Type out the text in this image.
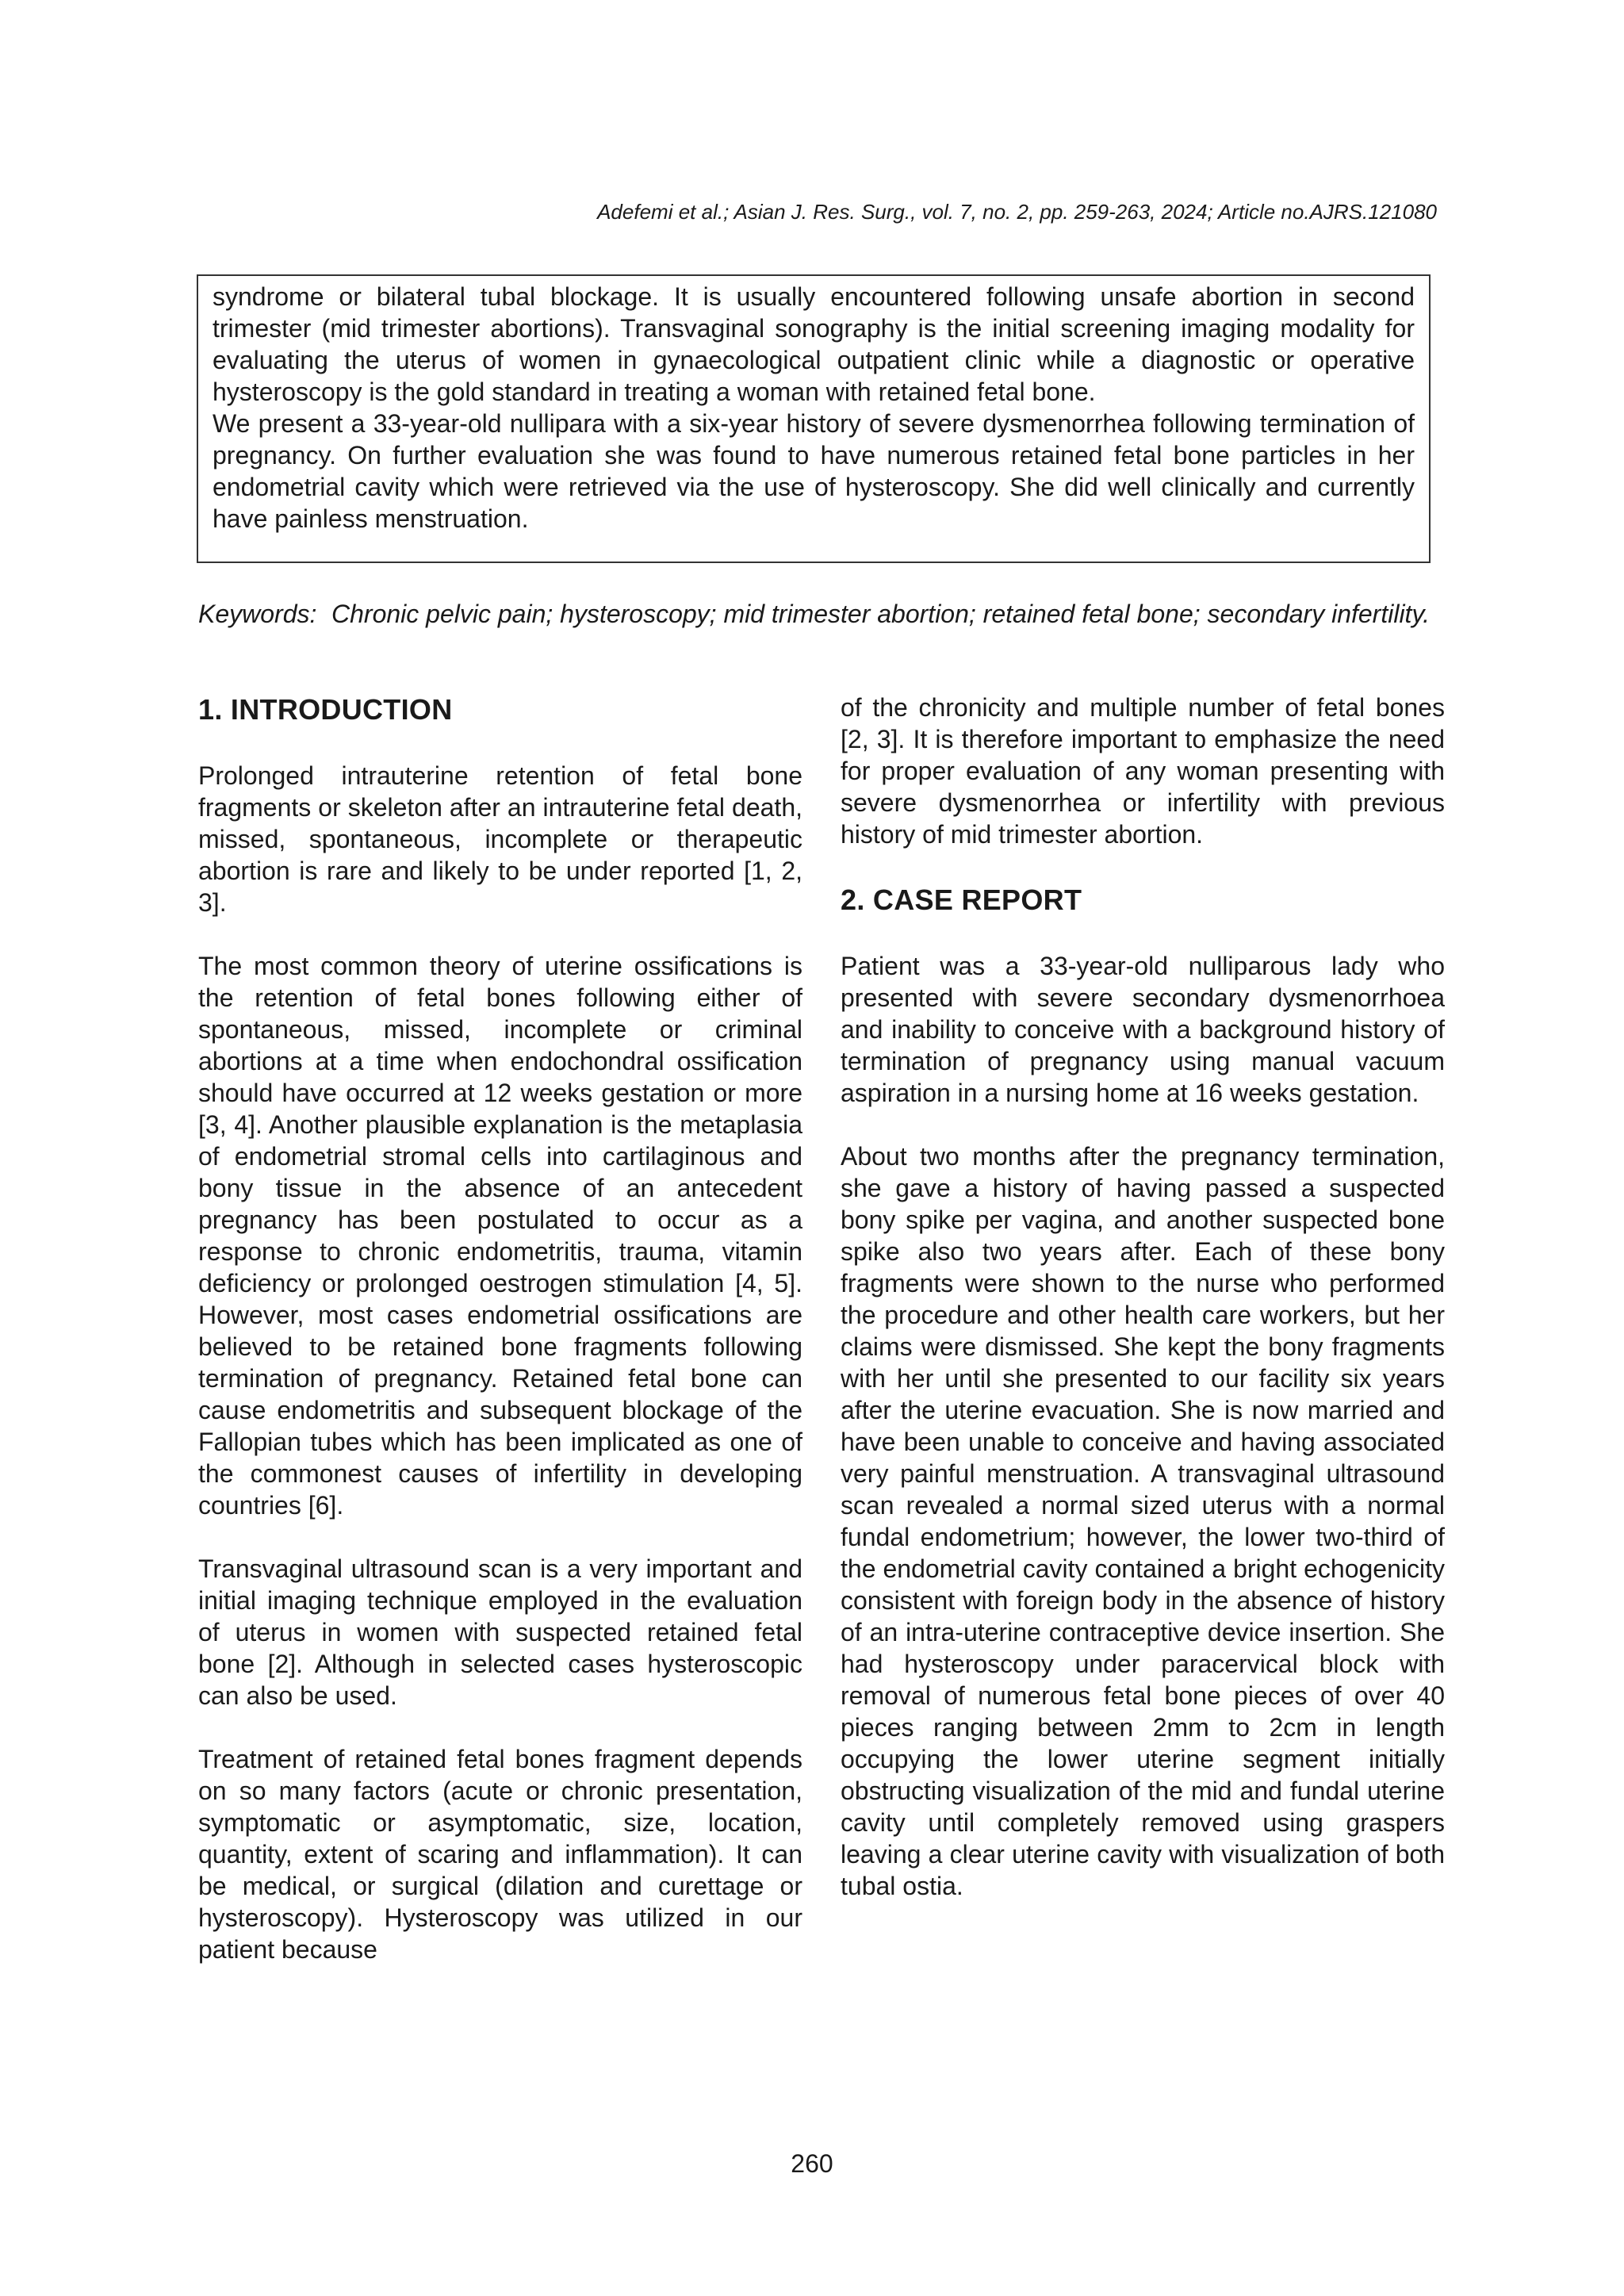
Adefemi et al.; Asian J. Res. Surg., vol. 7, no. 2, pp. 259-263, 2024; Article no.AJRS.121080

syndrome or bilateral tubal blockage. It is usually encountered following unsafe abortion in second trimester (mid trimester abortions). Transvaginal sonography is the initial screening imaging modality for evaluating the uterus of women in gynaecological outpatient clinic while a diagnostic or operative hysteroscopy is the gold standard in treating a woman with retained fetal bone.

We present a 33-year-old nullipara with a six-year history of severe dysmenorrhea following termination of pregnancy. On further evaluation she was found to have numerous retained fetal bone particles in her endometrial cavity which were retrieved via the use of hysteroscopy. She did well clinically and currently have painless menstruation.

Keywords: Chronic pelvic pain; hysteroscopy; mid trimester abortion; retained fetal bone; secondary infertility.
1. INTRODUCTION

Prolonged intrauterine retention of fetal bone fragments or skeleton after an intrauterine fetal death, missed, spontaneous, incomplete or therapeutic abortion is rare and likely to be under reported [1, 2, 3].

The most common theory of uterine ossifications is the retention of fetal bones following either of spontaneous, missed, incomplete or criminal abortions at a time when endochondral ossification should have occurred at 12 weeks gestation or more [3, 4]. Another plausible explanation is the metaplasia of endometrial stromal cells into cartilaginous and bony tissue in the absence of an antecedent pregnancy has been postulated to occur as a response to chronic endometritis, trauma, vitamin deficiency or prolonged oestrogen stimulation [4, 5]. However, most cases endometrial ossifications are believed to be retained bone fragments following termination of pregnancy. Retained fetal bone can cause endometritis and subsequent blockage of the Fallopian tubes which has been implicated as one of the commonest causes of infertility in developing countries [6].

Transvaginal ultrasound scan is a very important and initial imaging technique employed in the evaluation of uterus in women with suspected retained fetal bone [2]. Although in selected cases hysteroscopic can also be used.

Treatment of retained fetal bones fragment depends on so many factors (acute or chronic presentation, symptomatic or asymptomatic, size, location, quantity, extent of scaring and inflammation). It can be medical, or surgical (dilation and curettage or hysteroscopy). Hysteroscopy was utilized in our patient because

of the chronicity and multiple number of fetal bones [2, 3]. It is therefore important to emphasize the need for proper evaluation of any woman presenting with severe dysmenorrhea or infertility with previous history of mid trimester abortion.

2. CASE REPORT

Patient was a 33-year-old nulliparous lady who presented with severe secondary dysmenorrhoea and inability to conceive with a background history of termination of pregnancy using manual vacuum aspiration in a nursing home at 16 weeks gestation.

About two months after the pregnancy termination, she gave a history of having passed a suspected bony spike per vagina, and another suspected bone spike also two years after. Each of these bony fragments were shown to the nurse who performed the procedure and other health care workers, but her claims were dismissed. She kept the bony fragments with her until she presented to our facility six years after the uterine evacuation. She is now married and have been unable to conceive and having associated very painful menstruation. A transvaginal ultrasound scan revealed a normal sized uterus with a normal fundal endometrium; however, the lower two-third of the endometrial cavity contained a bright echogenicity consistent with foreign body in the absence of history of an intra-uterine contraceptive device insertion. She had hysteroscopy under paracervical block with removal of numerous fetal bone pieces of over 40 pieces ranging between 2mm to 2cm in length occupying the lower uterine segment initially obstructing visualization of the mid and fundal uterine cavity until completely removed using graspers leaving a clear uterine cavity with visualization of both tubal ostia.

260
